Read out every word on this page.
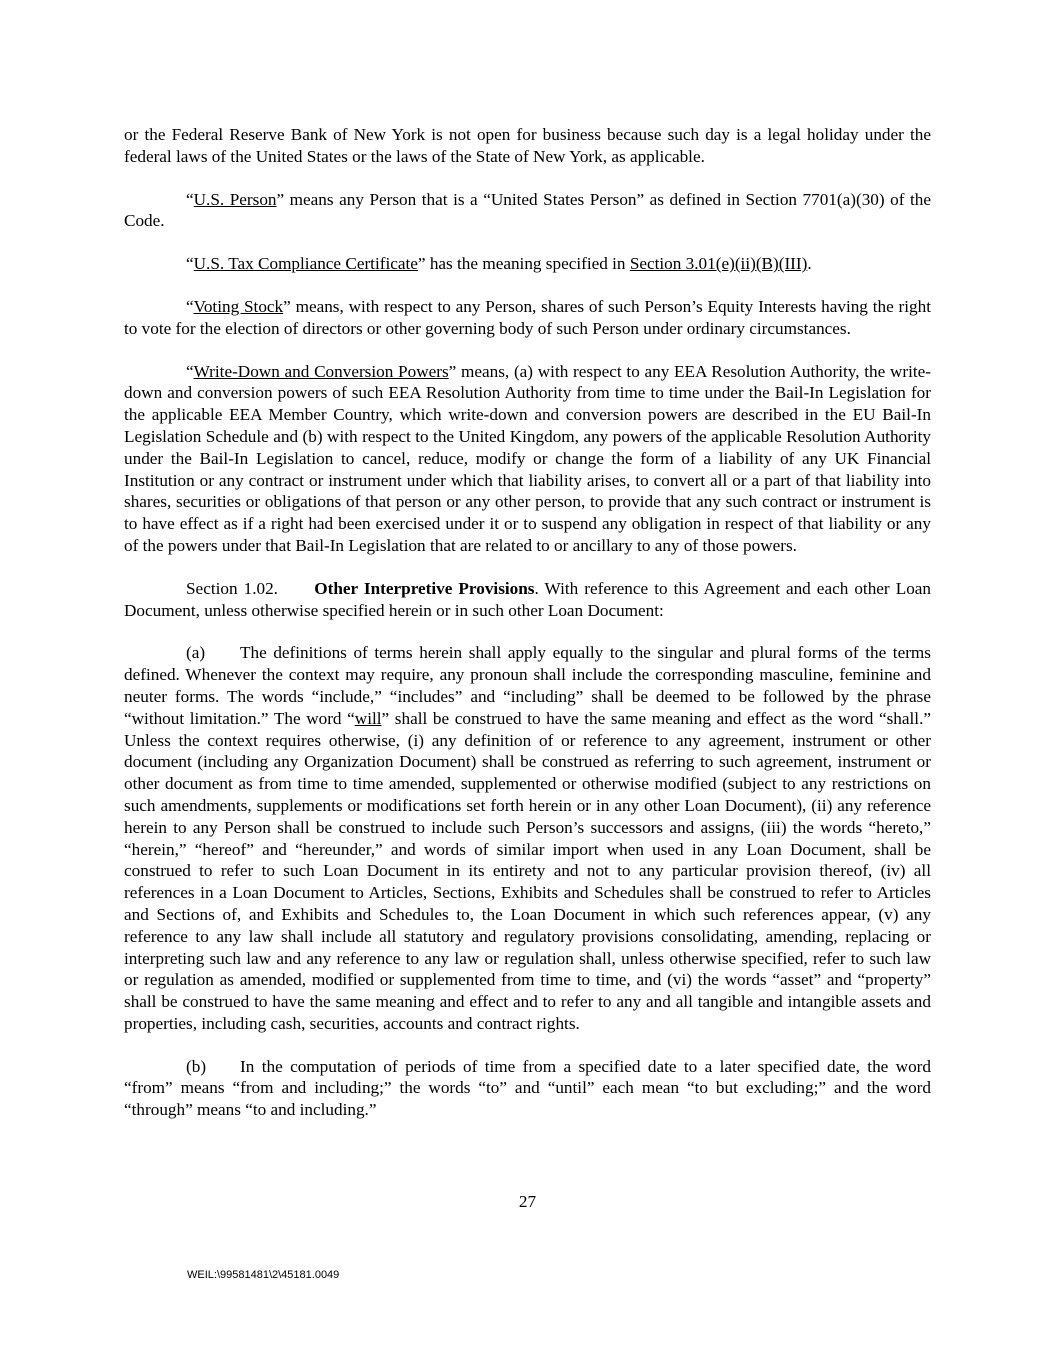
or the Federal Reserve Bank of New York is not open for business because such day is a legal holiday under the federal laws of the United States or the laws of the State of New York, as applicable.

“U.S. Person” means any Person that is a “United States Person” as defined in Section 7701(a)(30) of the Code.

“U.S. Tax Compliance Certificate” has the meaning specified in Section 3.01(e)(ii)(B)(III).

“Voting Stock” means, with respect to any Person, shares of such Person’s Equity Interests having the right to vote for the election of directors or other governing body of such Person under ordinary circumstances.

“Write-Down and Conversion Powers” means, (a) with respect to any EEA Resolution Authority, the write-down and conversion powers of such EEA Resolution Authority from time to time under the Bail-In Legislation for the applicable EEA Member Country, which write-down and conversion powers are described in the EU Bail-In Legislation Schedule and (b) with respect to the United Kingdom, any powers of the applicable Resolution Authority under the Bail-In Legislation to cancel, reduce, modify or change the form of a liability of any UK Financial Institution or any contract or instrument under which that liability arises, to convert all or a part of that liability into shares, securities or obligations of that person or any other person, to provide that any such contract or instrument is to have effect as if a right had been exercised under it or to suspend any obligation in respect of that liability or any of the powers under that Bail-In Legislation that are related to or ancillary to any of those powers.

Section 1.02. Other Interpretive Provisions. With reference to this Agreement and each other Loan Document, unless otherwise specified herein or in such other Loan Document:

(a) The definitions of terms herein shall apply equally to the singular and plural forms of the terms defined. Whenever the context may require, any pronoun shall include the corresponding masculine, feminine and neuter forms. The words “include,” “includes” and “including” shall be deemed to be followed by the phrase “without limitation.” The word “will” shall be construed to have the same meaning and effect as the word “shall.” Unless the context requires otherwise, (i) any definition of or reference to any agreement, instrument or other document (including any Organization Document) shall be construed as referring to such agreement, instrument or other document as from time to time amended, supplemented or otherwise modified (subject to any restrictions on such amendments, supplements or modifications set forth herein or in any other Loan Document), (ii) any reference herein to any Person shall be construed to include such Person’s successors and assigns, (iii) the words “hereto,” “herein,” “hereof” and “hereunder,” and words of similar import when used in any Loan Document, shall be construed to refer to such Loan Document in its entirety and not to any particular provision thereof, (iv) all references in a Loan Document to Articles, Sections, Exhibits and Schedules shall be construed to refer to Articles and Sections of, and Exhibits and Schedules to, the Loan Document in which such references appear, (v) any reference to any law shall include all statutory and regulatory provisions consolidating, amending, replacing or interpreting such law and any reference to any law or regulation shall, unless otherwise specified, refer to such law or regulation as amended, modified or supplemented from time to time, and (vi) the words “asset” and “property” shall be construed to have the same meaning and effect and to refer to any and all tangible and intangible assets and properties, including cash, securities, accounts and contract rights.

(b) In the computation of periods of time from a specified date to a later specified date, the word “from” means “from and including;” the words “to” and “until” each mean “to but excluding;” and the word “through” means “to and including.”

27
WEIL:\99581481\2\45181.0049
